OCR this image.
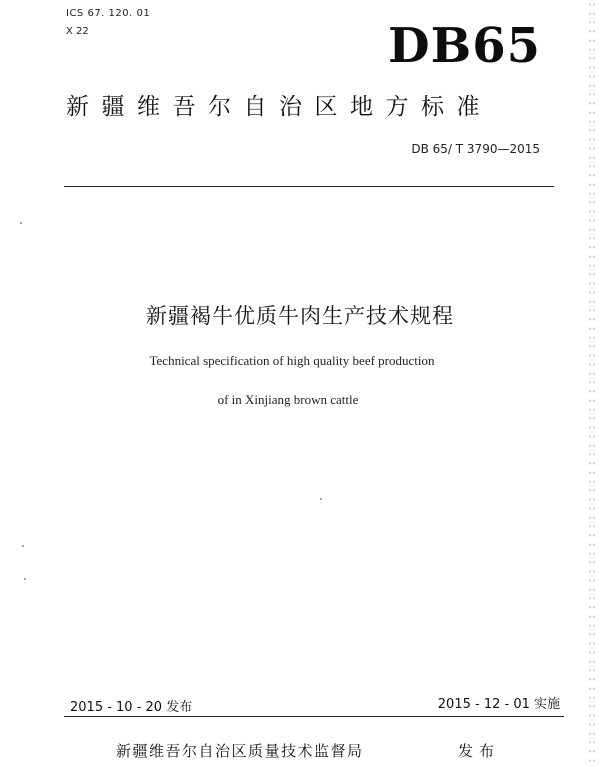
ICS 67. 120. 01
X 22	DB65
新疆维吾尔自治区地方标准
DB 65/ T 3790—2015
新疆褐牛优质牛肉生产技术规程
Technical specification of high quality beef production
of in Xinjiang brown cattle
2015 - 10 - 20 发布	2015 - 12 - 01 实施
新疆维吾尔自治区质量技术监督局	发布
